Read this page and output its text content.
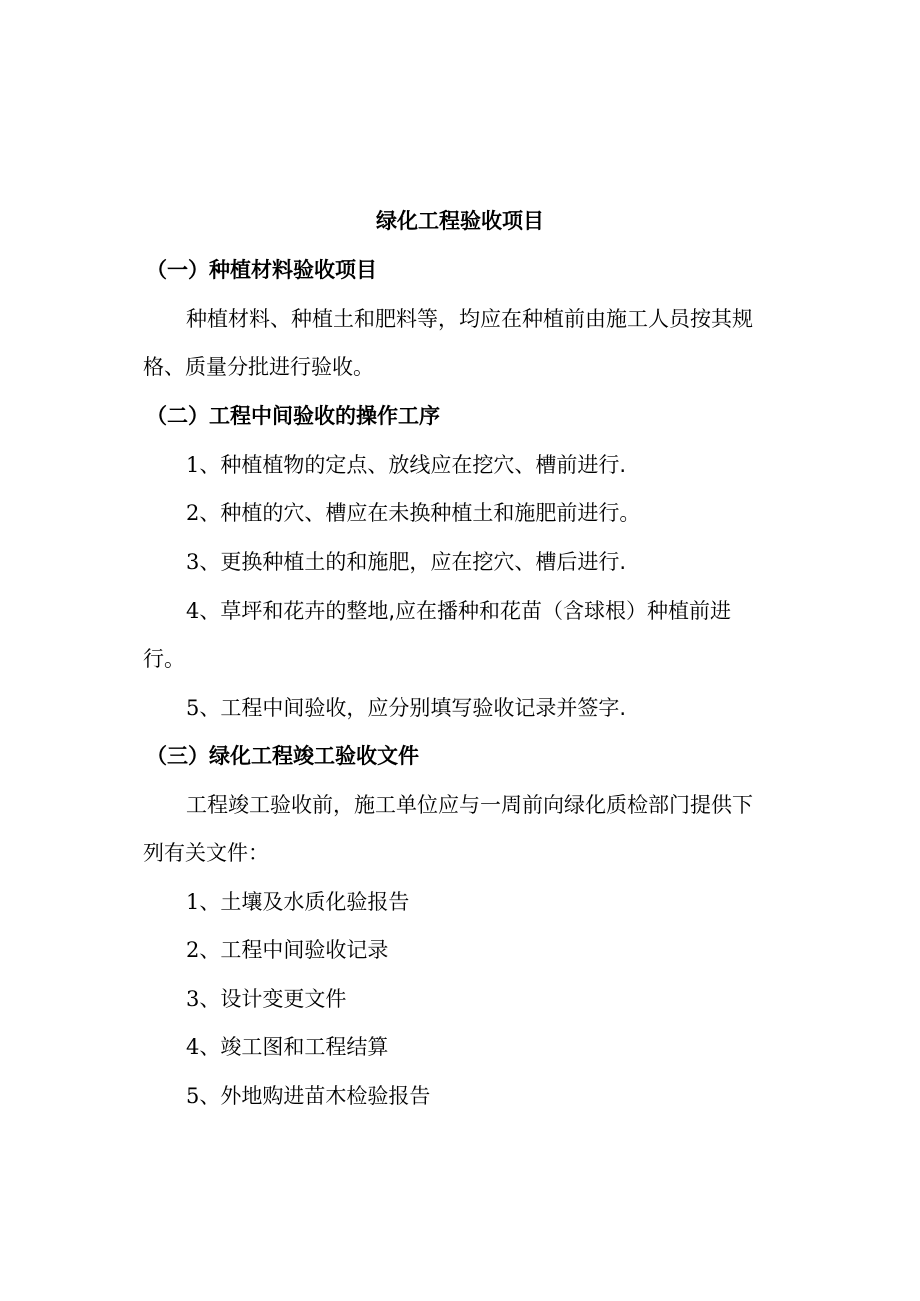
绿化工程验收项目
（一）种植材料验收项目
种植材料、种植土和肥料等，均应在种植前由施工人员按其规
格、质量分批进行验收。
（二）工程中间验收的操作工序
1、种植植物的定点、放线应在挖穴、槽前进行.
2、种植的穴、槽应在未换种植土和施肥前进行。
3、更换种植土的和施肥，应在挖穴、槽后进行.
4、草坪和花卉的整地,应在播种和花苗（含球根）种植前进
行。
5、工程中间验收，应分别填写验收记录并签字.
（三）绿化工程竣工验收文件
工程竣工验收前，施工单位应与一周前向绿化质检部门提供下
列有关文件：
1、土壤及水质化验报告
2、工程中间验收记录
3、设计变更文件
4、竣工图和工程结算
5、外地购进苗木检验报告
